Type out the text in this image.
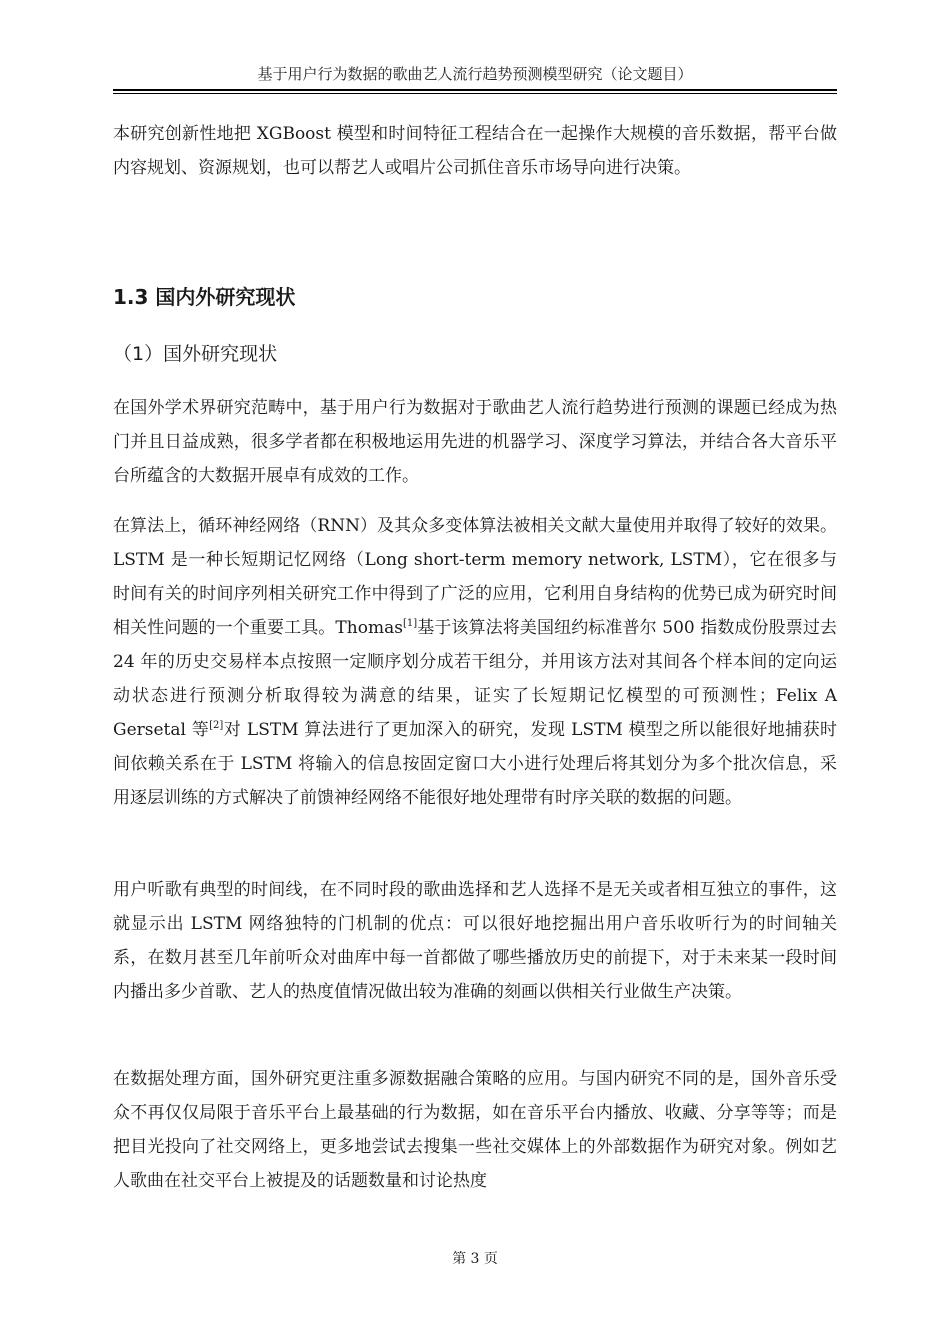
基于用户行为数据的歌曲艺人流行趋势预测模型研究（论文题目）

本研究创新性地把 XGBoost 模型和时间特征工程结合在一起操作大规模的音乐数据，帮平台做内容规划、资源规划，也可以帮艺人或唱片公司抓住音乐市场导向进行决策。

1.3 国内外研究现状
（1）国外研究现状

在国外学术界研究范畴中，基于用户行为数据对于歌曲艺人流行趋势进行预测的课题已经成为热门并且日益成熟，很多学者都在积极地运用先进的机器学习、深度学习算法，并结合各大音乐平台所蕴含的大数据开展卓有成效的工作。

在算法上，循环神经网络（RNN）及其众多变体算法被相关文献大量使用并取得了较好的效果。LSTM 是一种长短期记忆网络（Long short-term memory network, LSTM），它在很多与时间有关的时间序列相关研究工作中得到了广泛的应用，它利用自身结构的优势已成为研究时间相关性问题的一个重要工具。Thomas[1]基于该算法将美国纽约标准普尔 500 指数成份股票过去 24 年的历史交易样本点按照一定顺序划分成若干组分，并用该方法对其间各个样本间的定向运动状态进行预测分析取得较为满意的结果，证实了长短期记忆模型的可预测性；Felix A Gersetal 等[2]对 LSTM 算法进行了更加深入的研究，发现 LSTM 模型之所以能很好地捕获时间依赖关系在于 LSTM 将输入的信息按固定窗口大小进行处理后将其划分为多个批次信息，采用逐层训练的方式解决了前馈神经网络不能很好地处理带有时序关联的数据的问题。

用户听歌有典型的时间线，在不同时段的歌曲选择和艺人选择不是无关或者相互独立的事件，这就显示出 LSTM 网络独特的门机制的优点：可以很好地挖掘出用户音乐收听行为的时间轴关系，在数月甚至几年前听众对曲库中每一首都做了哪些播放历史的前提下，对于未来某一段时间内播出多少首歌、艺人的热度值情况做出较为准确的刻画以供相关行业做生产决策。

在数据处理方面，国外研究更注重多源数据融合策略的应用。与国内研究不同的是，国外音乐受众不再仅仅局限于音乐平台上最基础的行为数据，如在音乐平台内播放、收藏、分享等等；而是把目光投向了社交网络上，更多地尝试去搜集一些社交媒体上的外部数据作为研究对象。例如艺人歌曲在社交平台上被提及的话题数量和讨论热度

第 3 页
